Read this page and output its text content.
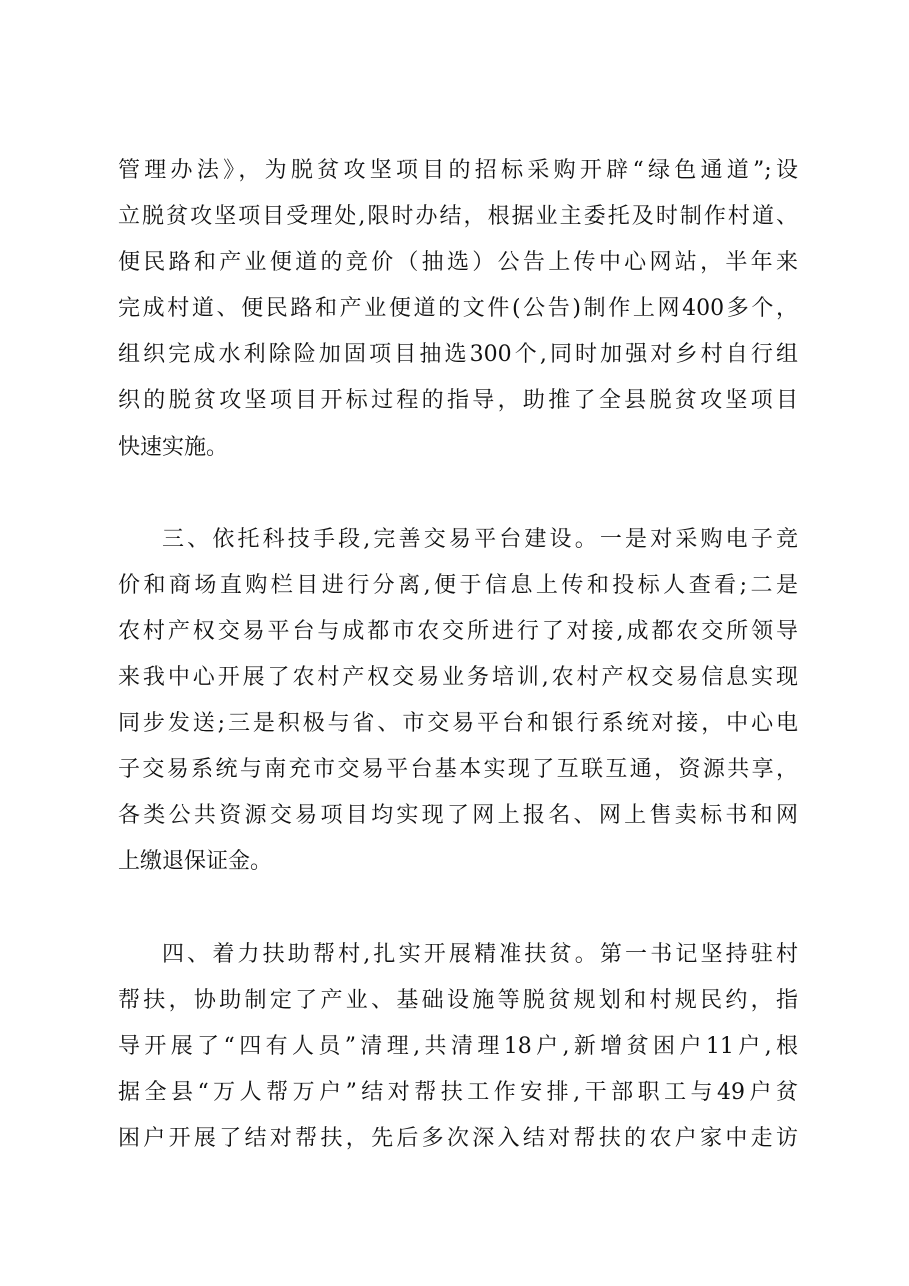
管理办法》，为脱贫攻坚项目的招标采购开辟“绿色通道”;设
立脱贫攻坚项目受理处,限时办结，根据业主委托及时制作村道、
便民路和产业便道的竞价（抽选）公告上传中心网站，半年来
完成村道、便民路和产业便道的文件(公告)制作上网400多个，
组织完成水利除险加固项目抽选300个,同时加强对乡村自行组
织的脱贫攻坚项目开标过程的指导，助推了全县脱贫攻坚项目
快速实施。
三、依托科技手段,完善交易平台建设。一是对采购电子竞
价和商场直购栏目进行分离,便于信息上传和投标人查看;二是
农村产权交易平台与成都市农交所进行了对接,成都农交所领导
来我中心开展了农村产权交易业务培训,农村产权交易信息实现
同步发送;三是积极与省、市交易平台和银行系统对接，中心电
子交易系统与南充市交易平台基本实现了互联互通，资源共享，
各类公共资源交易项目均实现了网上报名、网上售卖标书和网
上缴退保证金。
四、着力扶助帮村,扎实开展精准扶贫。第一书记坚持驻村
帮扶，协助制定了产业、基础设施等脱贫规划和村规民约，指
导开展了“四有人员”清理,共清理18户,新增贫困户11户,根
据全县“万人帮万户”结对帮扶工作安排,干部职工与49户贫
困户开展了结对帮扶，先后多次深入结对帮扶的农户家中走访
